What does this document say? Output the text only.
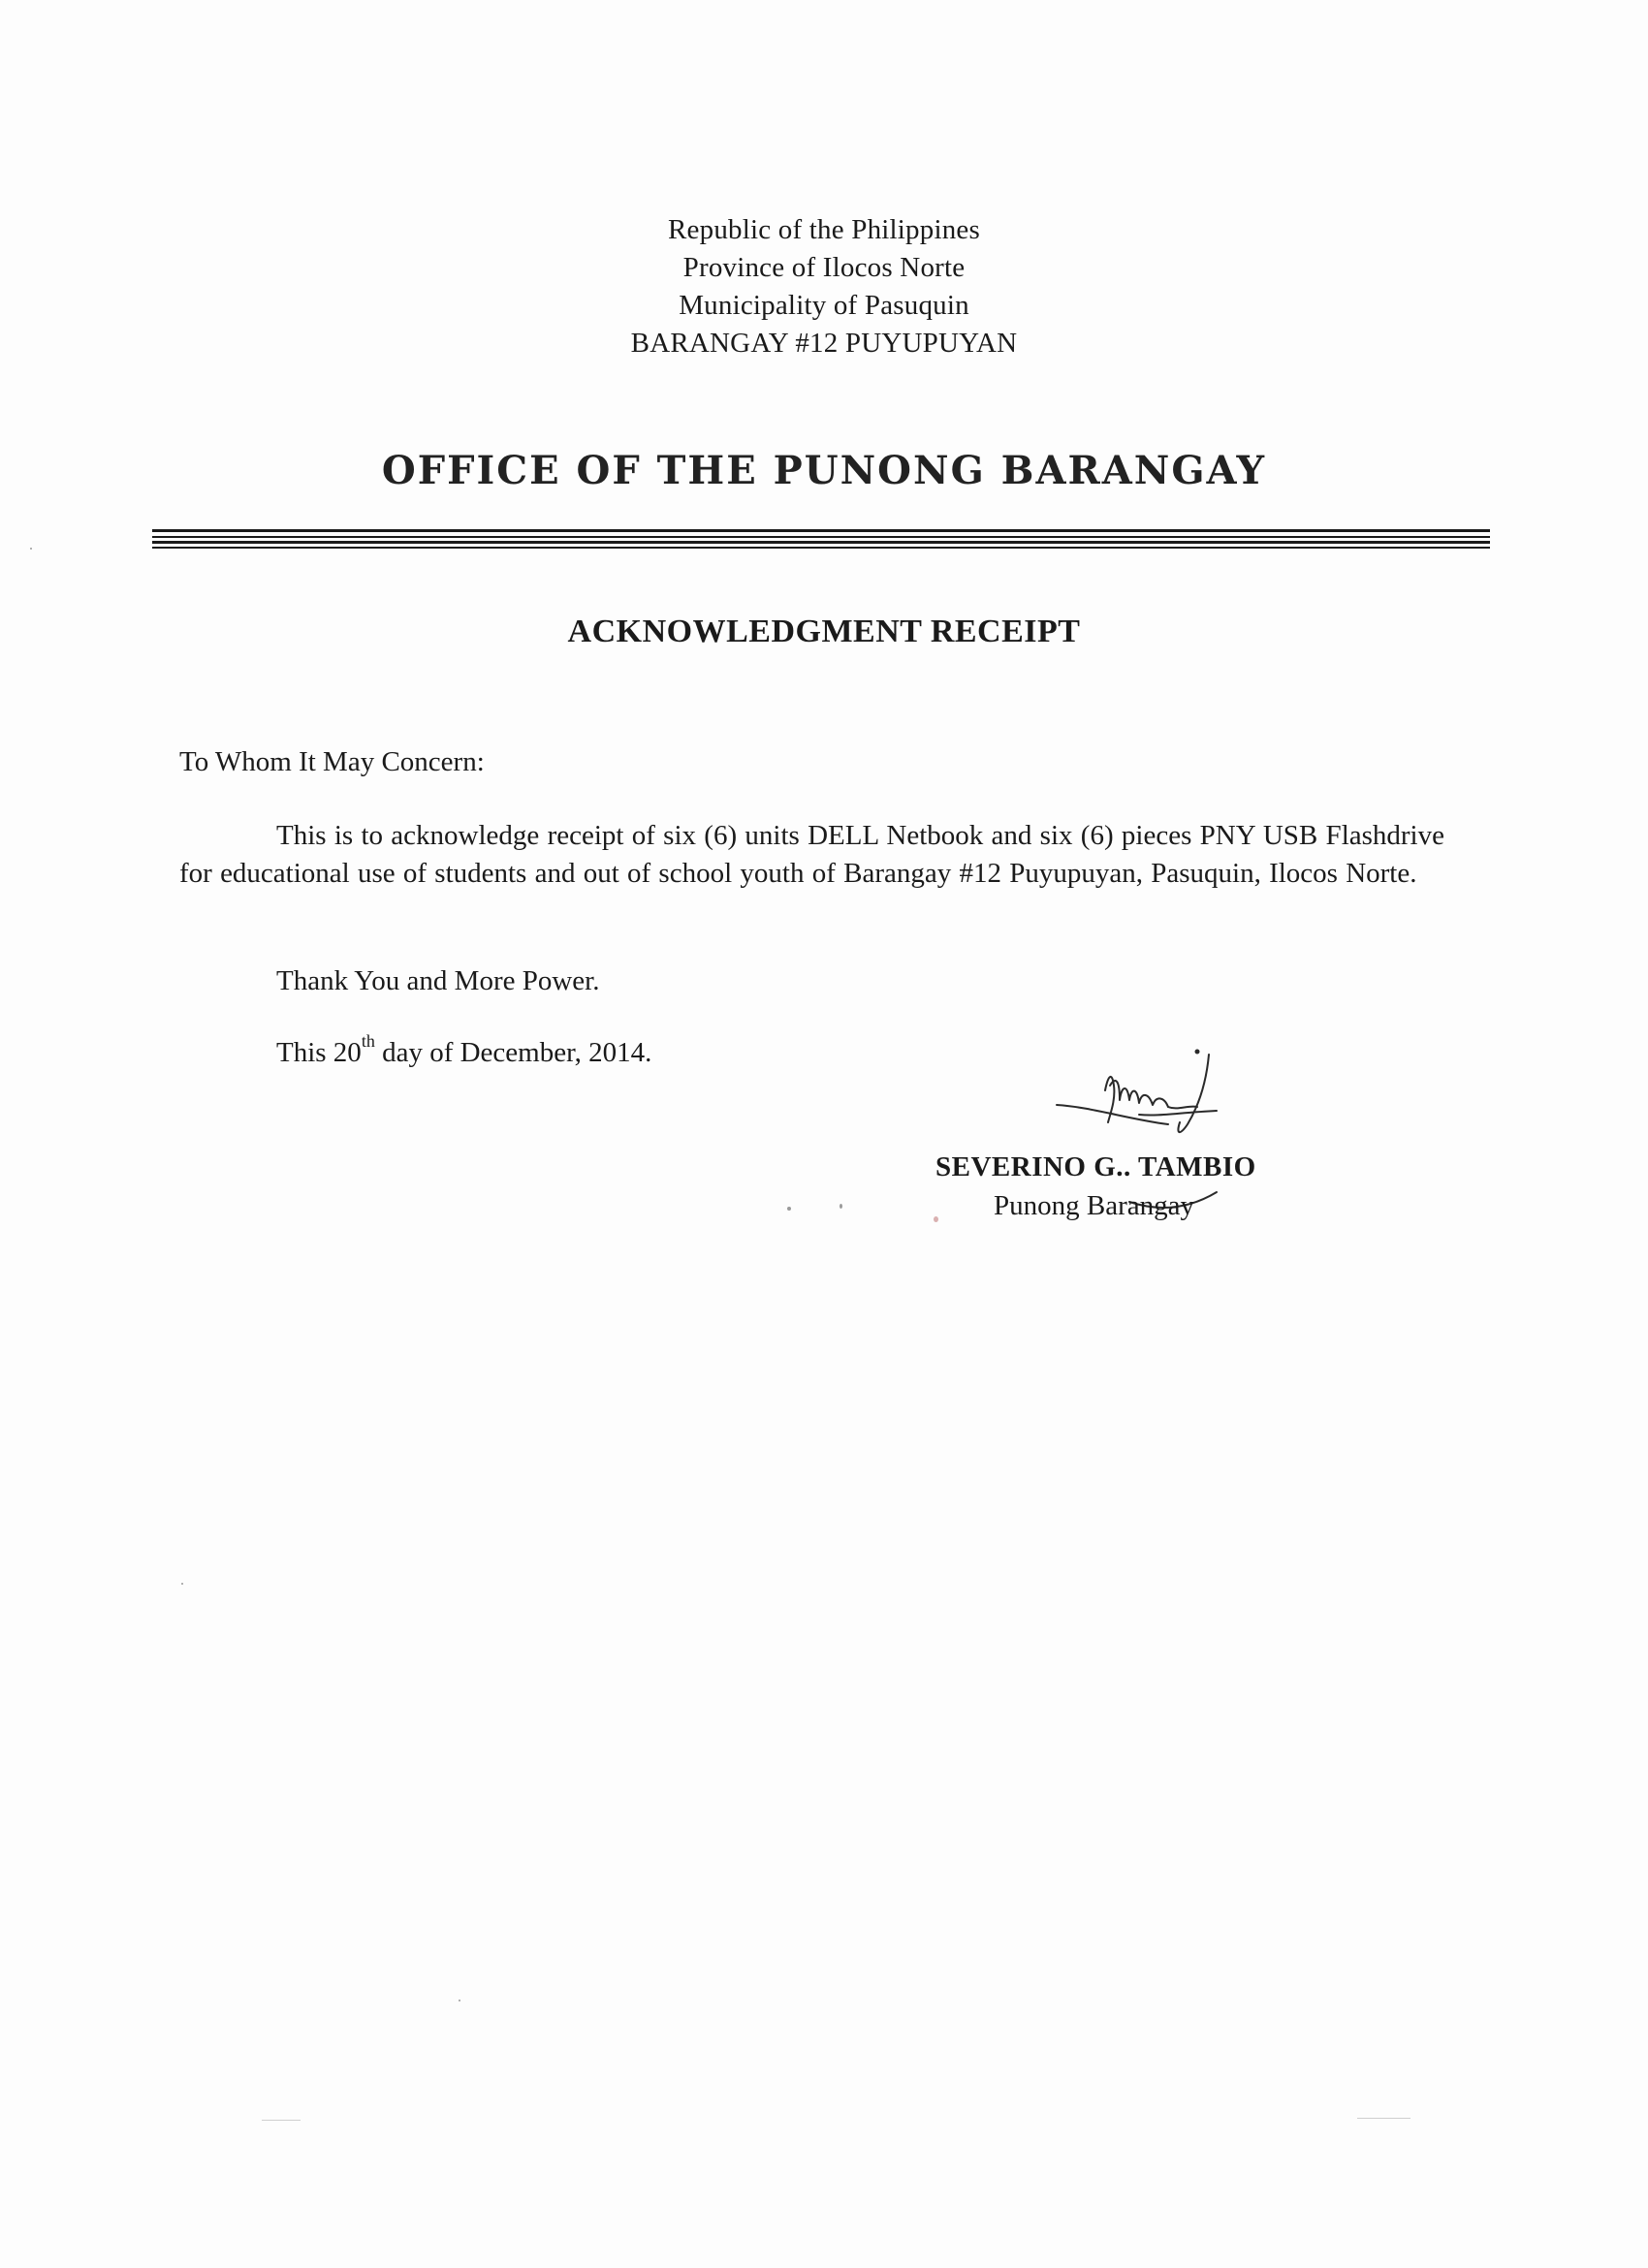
Republic of the Philippines
Province of Ilocos Norte
Municipality of Pasuquin
BARANGAY #12 PUYUPUYAN
OFFICE OF THE PUNONG BARANGAY
ACKNOWLEDGMENT RECEIPT
To Whom It May Concern:
This is to acknowledge receipt of six (6) units DELL Netbook and six (6) pieces PNY USB Flashdrive for educational use of students and out of school youth of Barangay #12 Puyupuyan, Pasuquin, Ilocos Norte.
Thank You and More Power.
This 20th day of December, 2014.
SEVERINO G.. TAMBIO
Punong Barangay
